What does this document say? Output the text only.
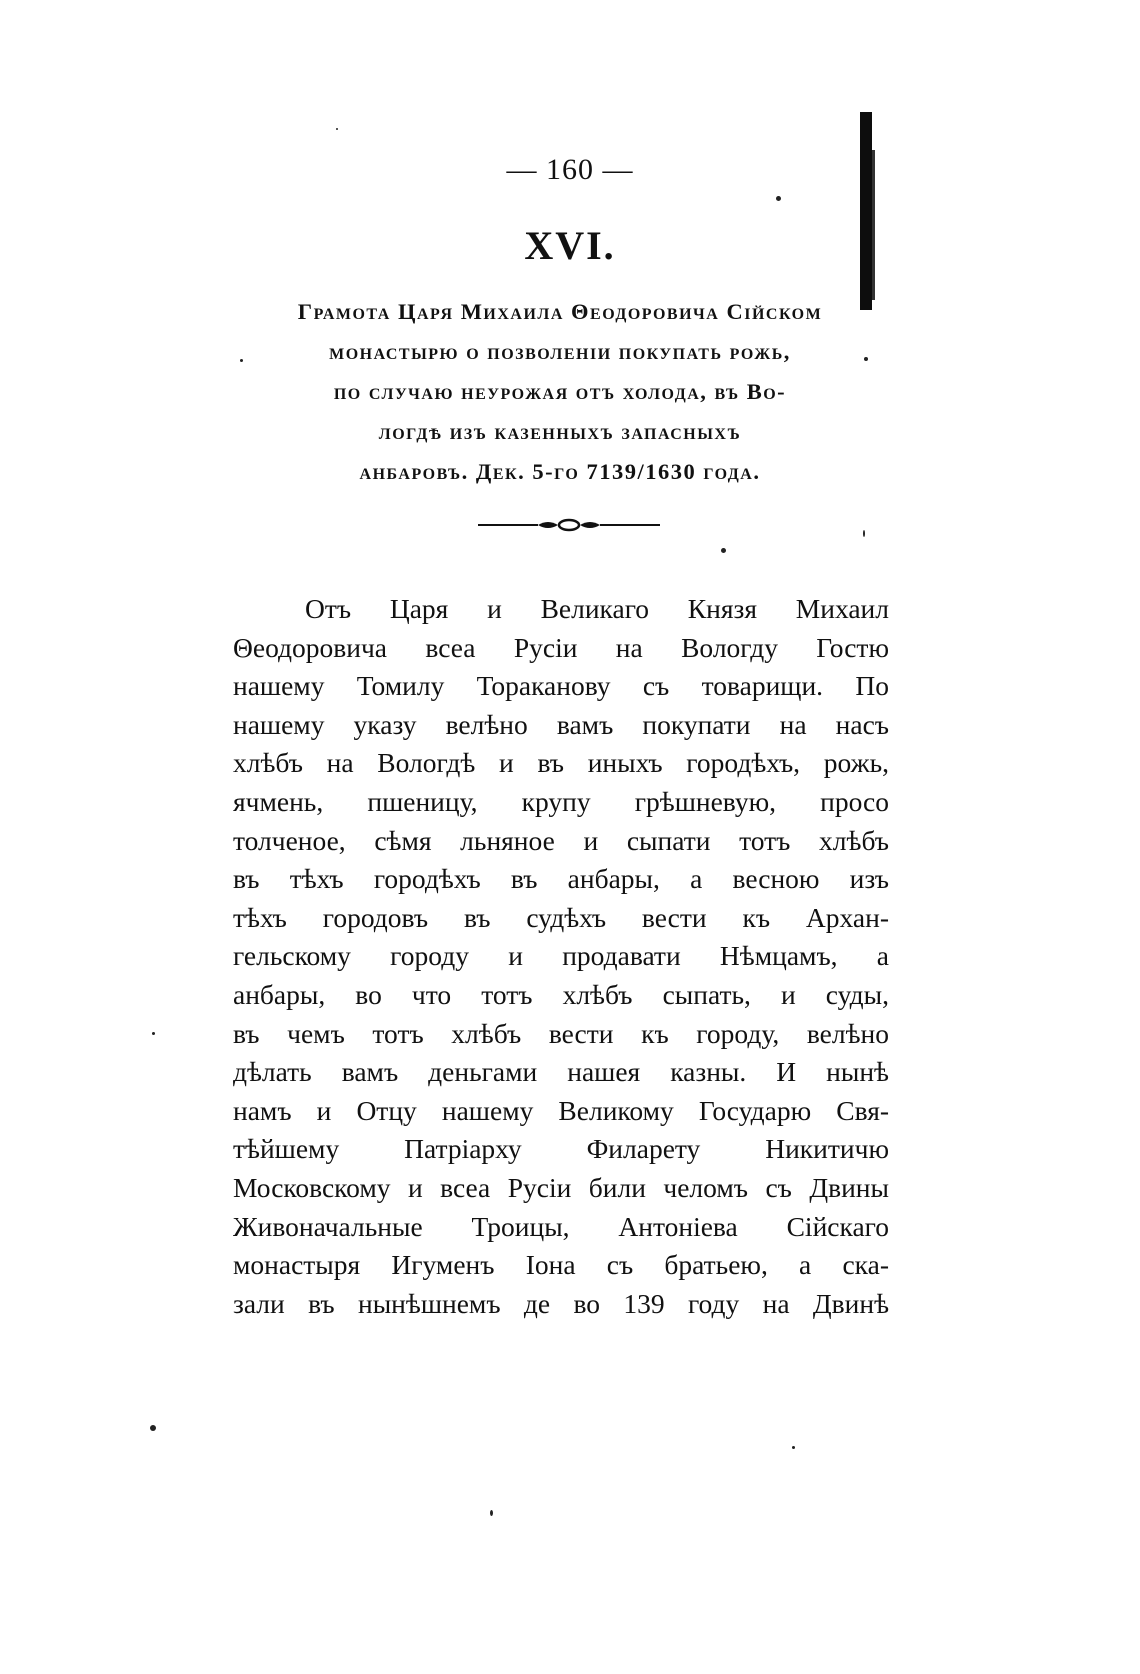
— 160 —
XVI.
Грамота Царя Михаила Θеодоровича Сійском
монастырю о позволеніи покупать рожь,
по случаю неурожая отъ холода, въ Во-
логдѣ изъ казенныхъ запасныхъ
анбаровъ. Дек. 5-го 7139/1630 года.
Отъ Царя и Великаго Князя Михаил
Θеодоровича всеа Русіи на Вологду Гостю
нашему Томилу Тораканову съ товарищи. По
нашему указу велѣно вамъ покупати на насъ
хлѣбъ на Вологдѣ и въ иныхъ городѣхъ, рожь,
ячмень, пшеницу, крупу грѣшневую, просо
толченое, сѣмя льняное и сыпати тотъ хлѣбъ
въ тѣхъ городѣхъ въ анбары, а весною изъ
тѣхъ городовъ въ судѣхъ вести къ Архан-
гельскому городу и продавати Нѣмцамъ, а
анбары, во что тотъ хлѣбъ сыпать, и суды,
въ чемъ тотъ хлѣбъ вести къ городу, велѣно
дѣлать вамъ деньгами нашея казны. И нынѣ
намъ и Отцу нашему Великому Государю Свя-
тѣйшему Патріарху Филарету Никитичю
Московскому и всеа Русіи били челомъ съ Двины
Живоначальные Троицы, Антоніева Сійскаго
монастыря Игуменъ Іона съ братьею, а ска-
зали въ нынѣшнемъ де во 139 году на Двинѣ
